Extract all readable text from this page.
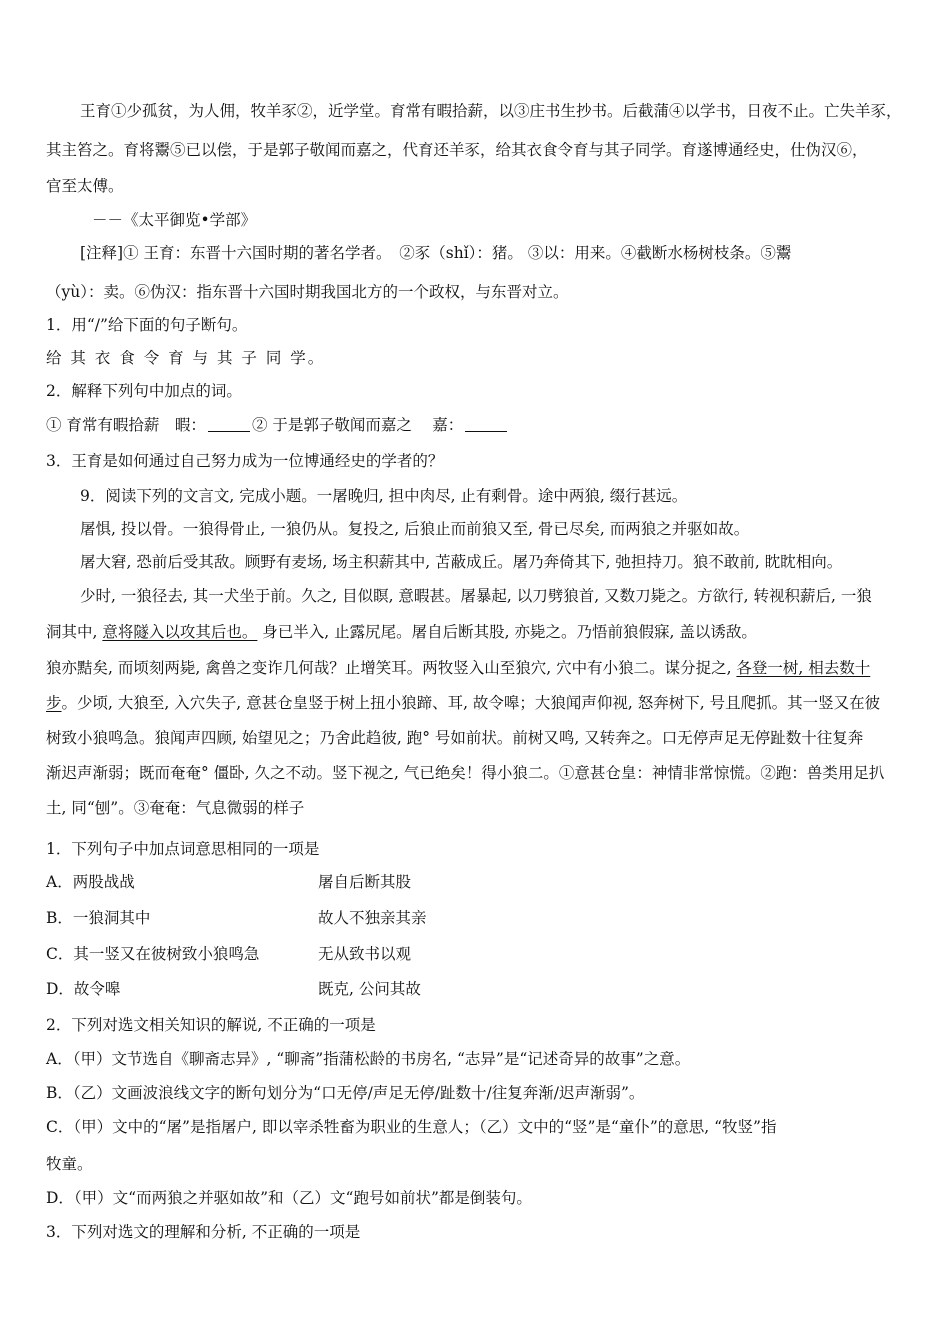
王育①少孤贫，为人佣，牧羊豕②，近学堂。育常有暇拾薪，以③庄书生抄书。后截蒲④以学书，日夜不止。亡失羊豕，
其主笞之。育将鬻⑤已以偿，于是郭子敬闻而嘉之，代育还羊豕，给其衣食令育与其子同学。育遂博通经史，仕伪汉⑥，
官至太傅。
－－《太平御览•学部》
[注释]① 王育：东晋十六国时期的著名学者。　②豕（shǐ）：猪。 ③以：用来。④截断水杨树枝条。⑤鬻
（yù）：卖。⑥伪汉：指东晋十六国时期我国北方的一个政权，与东晋对立。
1．用“/”给下面的句子断句。
给 其 衣 食 令 育 与 其 子 同 学。
2．解释下列句中加点的词。
① 育常有暇拾薪　暇：	② 于是郭子敬闻而嘉之　 嘉：
3．王育是如何通过自己努力成为一位博通经史的学者的？
9．阅读下列的文言文, 完成小题。一屠晚归, 担中肉尽, 止有剩骨。途中两狼, 缀行甚远。
屠惧, 投以骨。一狼得骨止, 一狼仍从。复投之, 后狼止而前狼又至, 骨已尽矣, 而两狼之并驱如故。
屠大窘, 恐前后受其敌。顾野有麦场, 场主积薪其中, 苫蔽成丘。屠乃奔倚其下, 弛担持刀。狼不敢前, 眈眈相向。
少时, 一狼径去, 其一犬坐于前。久之, 目似瞑, 意暇甚。屠暴起, 以刀劈狼首, 又数刀毙之。方欲行, 转视积薪后, 一狼
洞其中, 意将隧入以攻其后也。 身已半入, 止露尻尾。屠自后断其股, 亦毙之。乃悟前狼假寐, 盖以诱敌。
狼亦黠矣, 而顷刻两毙, 禽兽之变诈几何哉？止增笑耳。两牧竖入山至狼穴, 穴中有小狼二。谋分捉之, 各登一树, 相去数十
步。少顷, 大狼至, 入穴失子, 意甚仓皇竖于树上扭小狼蹄、耳, 故令嗥；大狼闻声仰视, 怒奔树下, 号且爬抓。其一竖又在彼
树致小狼鸣急。狼闻声四顾, 始望见之；乃舍此趋彼, 跑° 号如前状。前树又鸣, 又转奔之。口无停声足无停趾数十往复奔
渐迟声渐弱；既而奄奄° 僵卧, 久之不动。竖下视之, 气已绝矣！得小狼二。①意甚仓皇：神情非常惊慌。②跑：兽类用足扒
土, 同“刨”。③奄奄：气息微弱的样子
1．下列句子中加点词意思相同的一项是
A．两股战战	屠自后断其股
B．一狼洞其中	故人不独亲其亲
C．其一竖又在彼树致小狼鸣急	无从致书以观
D．故令嗥	既克, 公问其故
2．下列对选文相关知识的解说, 不正确的一项是
A．（甲）文节选自《聊斋志异》, “聊斋”指蒲松龄的书房名, “志异”是“记述奇异的故事”之意。
B．（乙）文画波浪线文字的断句划分为“口无停/声足无停/趾数十/往复奔渐/迟声渐弱”。
C．（甲）文中的“屠”是指屠户, 即以宰杀牲畜为职业的生意人；（乙）文中的“竖”是“童仆”的意思, “牧竖”指
牧童。
D．（甲）文“而两狼之并驱如故”和（乙）文“跑号如前状”都是倒装句。
3．下列对选文的理解和分析, 不正确的一项是
